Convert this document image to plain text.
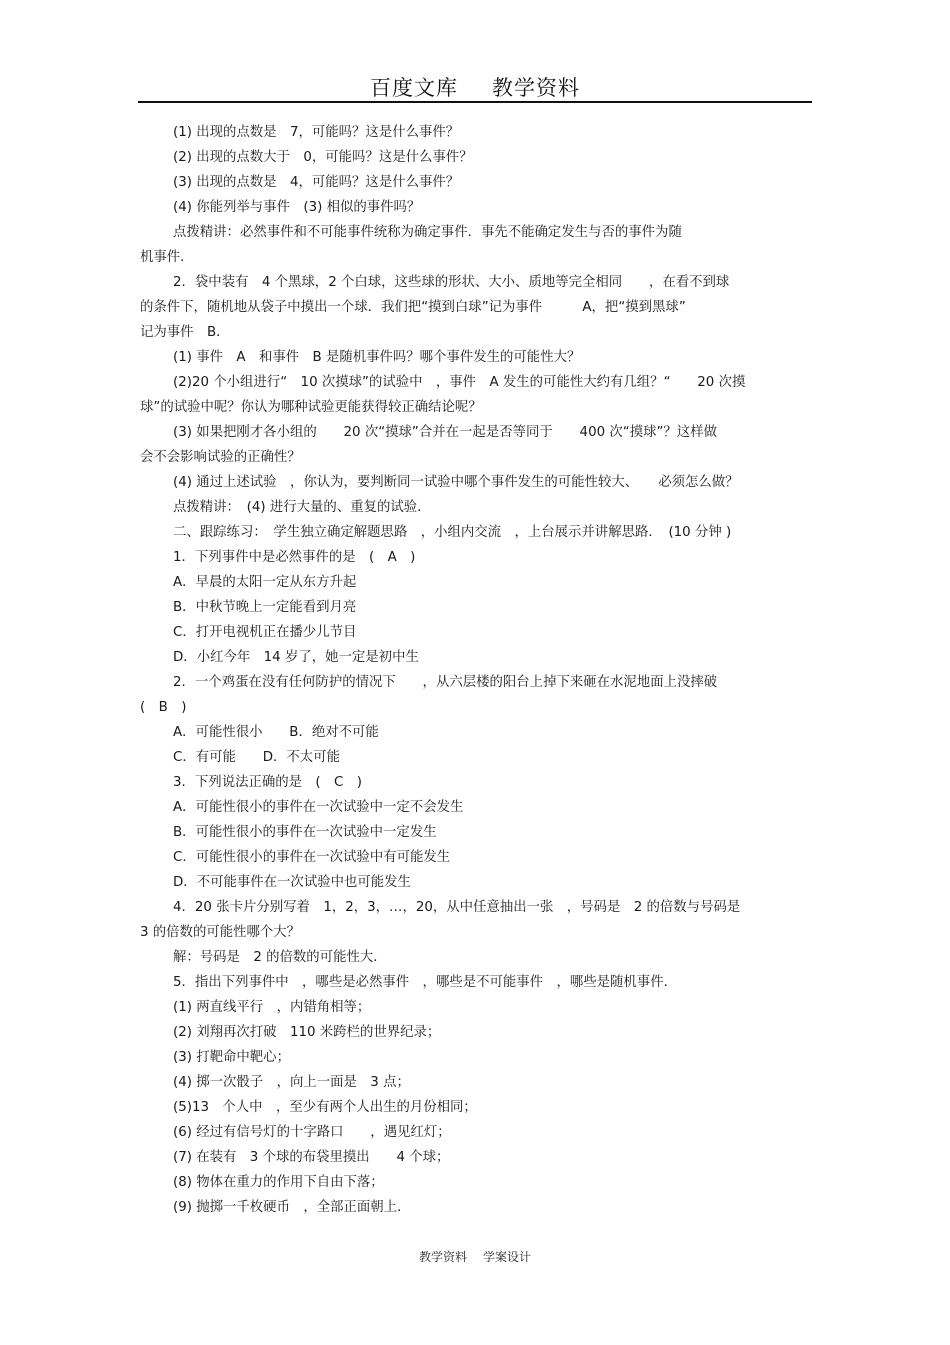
百度文库 教学资料
(1) 出现的点数是　7，可能吗？这是什么事件？
(2) 出现的点数大于　0，可能吗？这是什么事件？
(3) 出现的点数是　4，可能吗？这是什么事件？
(4) 你能列举与事件　(3) 相似的事件吗？
点拨精讲：必然事件和不可能事件统称为确定事件．事先不能确定发生与否的事件为随
机事件．
2．袋中装有　4 个黑球，2 个白球，这些球的形状、大小、质地等完全相同　　，在看不到球
的条件下，随机地从袋子中摸出一个球．我们把“摸到白球”记为事件　　　A，把“摸到黑球”
记为事件　B．
(1) 事件　A　和事件　B 是随机事件吗？哪个事件发生的可能性大？
(2)20 个小组进行“　10 次摸球”的试验中　，事件　A 发生的可能性大约有几组？“　　20 次摸
球”的试验中呢？你认为哪种试验更能获得较正确结论呢？
(3) 如果把刚才各小组的　　20 次“摸球”合并在一起是否等同于　　400 次“摸球”？这样做
会不会影响试验的正确性？
(4) 通过上述试验　，你认为，要判断同一试验中哪个事件发生的可能性较大、　　必须怎么做？
点拨精讲：　(4) 进行大量的、重复的试验．
二、跟踪练习：　学生独立确定解题思路　，小组内交流　，上台展示并讲解思路．　(10 分钟 )
1．下列事件中是必然事件的是　(　A　)
A．早晨的太阳一定从东方升起
B．中秋节晚上一定能看到月亮
C．打开电视机正在播少儿节目
D．小红今年　14 岁了，她一定是初中生
2．一个鸡蛋在没有任何防护的情况下　　，从六层楼的阳台上掉下来砸在水泥地面上没摔破
(　B　)
A．可能性很小　　B．绝对不可能
C．有可能　　D．不太可能
3．下列说法正确的是　(　C　)
A．可能性很小的事件在一次试验中一定不会发生
B．可能性很小的事件在一次试验中一定发生
C．可能性很小的事件在一次试验中有可能发生
D．不可能事件在一次试验中也可能发生
4．20 张卡片分别写着　1，2，3，…，20，从中任意抽出一张　，号码是　2 的倍数与号码是
3 的倍数的可能性哪个大？
解：号码是　2 的倍数的可能性大．
5．指出下列事件中　，哪些是必然事件　，哪些是不可能事件　，哪些是随机事件．
(1) 两直线平行　，内错角相等；
(2) 刘翔再次打破　110 米跨栏的世界纪录；
(3) 打靶命中靶心；
(4) 掷一次骰子　，向上一面是　3 点；
(5)13　个人中　，至少有两个人出生的月份相同；
(6) 经过有信号灯的十字路口　　，遇见红灯；
(7) 在装有　3 个球的布袋里摸出　　4 个球；
(8) 物体在重力的作用下自由下落；
(9) 抛掷一千枚硬币　，全部正面朝上．
教学资料 学案设计
